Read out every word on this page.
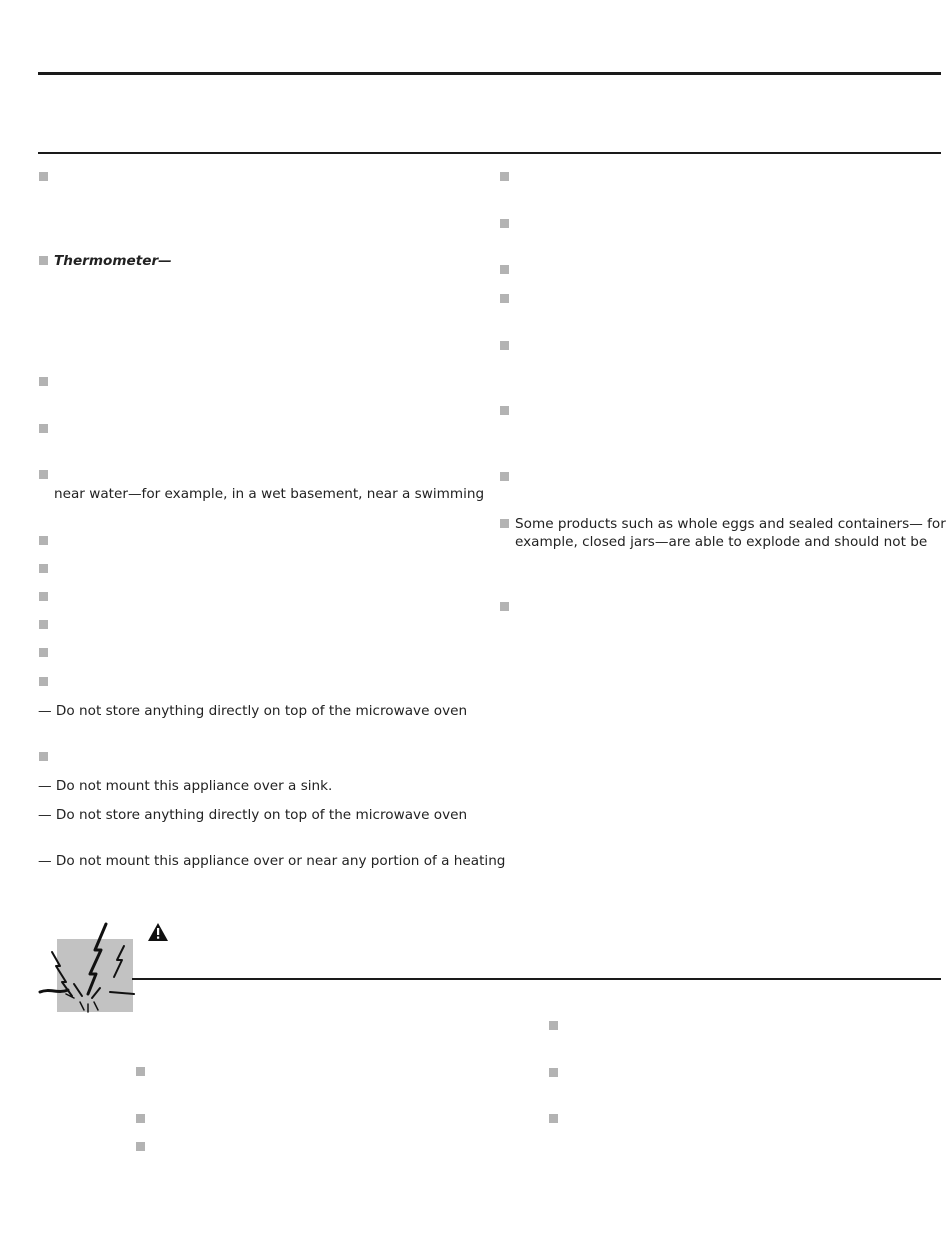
Thermometer—
near water—for example, in a wet basement, near a swimming
— Do not store anything directly on top of the microwave oven
— Do not mount this appliance over a sink.
— Do not store anything directly on top of the microwave oven
— Do not mount this appliance over or near any portion of a heating
Some products such as whole eggs and sealed containers— for
example, closed jars—are able to explode and should not be
